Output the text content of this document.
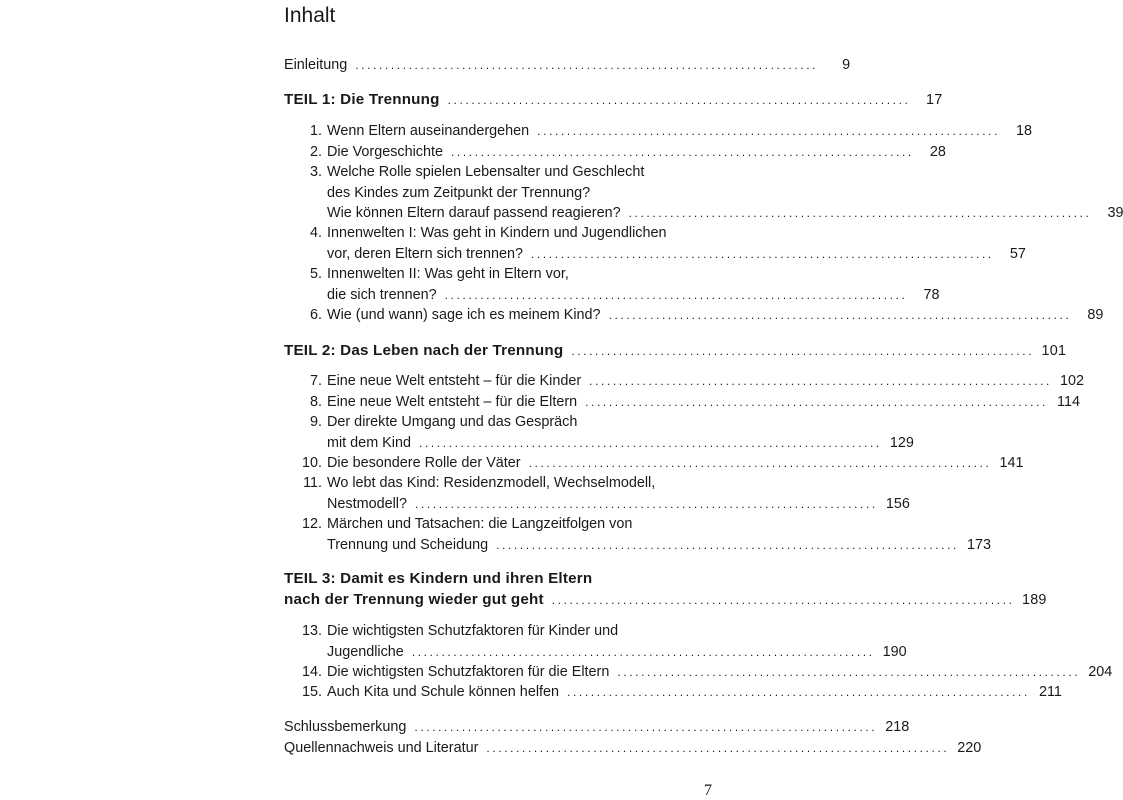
Inhalt
Einleitung ..............................................................................	9
TEIL 1: Die Trennung ..............................................................................	17
1. Wenn Eltern auseinandergehen ..............................................................................	18
2. Die Vorgeschichte ..............................................................................	28
3. Welche Rolle spielen Lebensalter und Geschlecht
des Kindes zum Zeitpunkt der Trennung?
Wie können Eltern darauf passend reagieren? ..............................................................................	39
4. Innenwelten I: Was geht in Kindern und Jugendlichen
vor, deren Eltern sich trennen? ..............................................................................	57
5. Innenwelten II: Was geht in Eltern vor,
die sich trennen? ..............................................................................	78
6. Wie (und wann) sage ich es meinem Kind? ..............................................................................	89
TEIL 2: Das Leben nach der Trennung .............................................................................. 101
7. Eine neue Welt entsteht – für die Kinder .............................................................................. 102
8. Eine neue Welt entsteht – für die Eltern .............................................................................. 114
9. Der direkte Umgang und das Gespräch
mit dem Kind .............................................................................. 129
10. Die besondere Rolle der Väter .............................................................................. 141
11. Wo lebt das Kind: Residenzmodell, Wechselmodell,
Nestmodell? .............................................................................. 156
12. Märchen und Tatsachen: die Langzeitfolgen von
Trennung und Scheidung .............................................................................. 173
TEIL 3: Damit es Kindern und ihren Eltern
nach der Trennung wieder gut geht .............................................................................. 189
13. Die wichtigsten Schutzfaktoren für Kinder und
Jugendliche .............................................................................. 190
14. Die wichtigsten Schutzfaktoren für die Eltern .............................................................................. 204
15. Auch Kita und Schule können helfen .............................................................................. 211
Schlussbemerkung .............................................................................. 218
Quellennachweis und Literatur .............................................................................. 220
7
